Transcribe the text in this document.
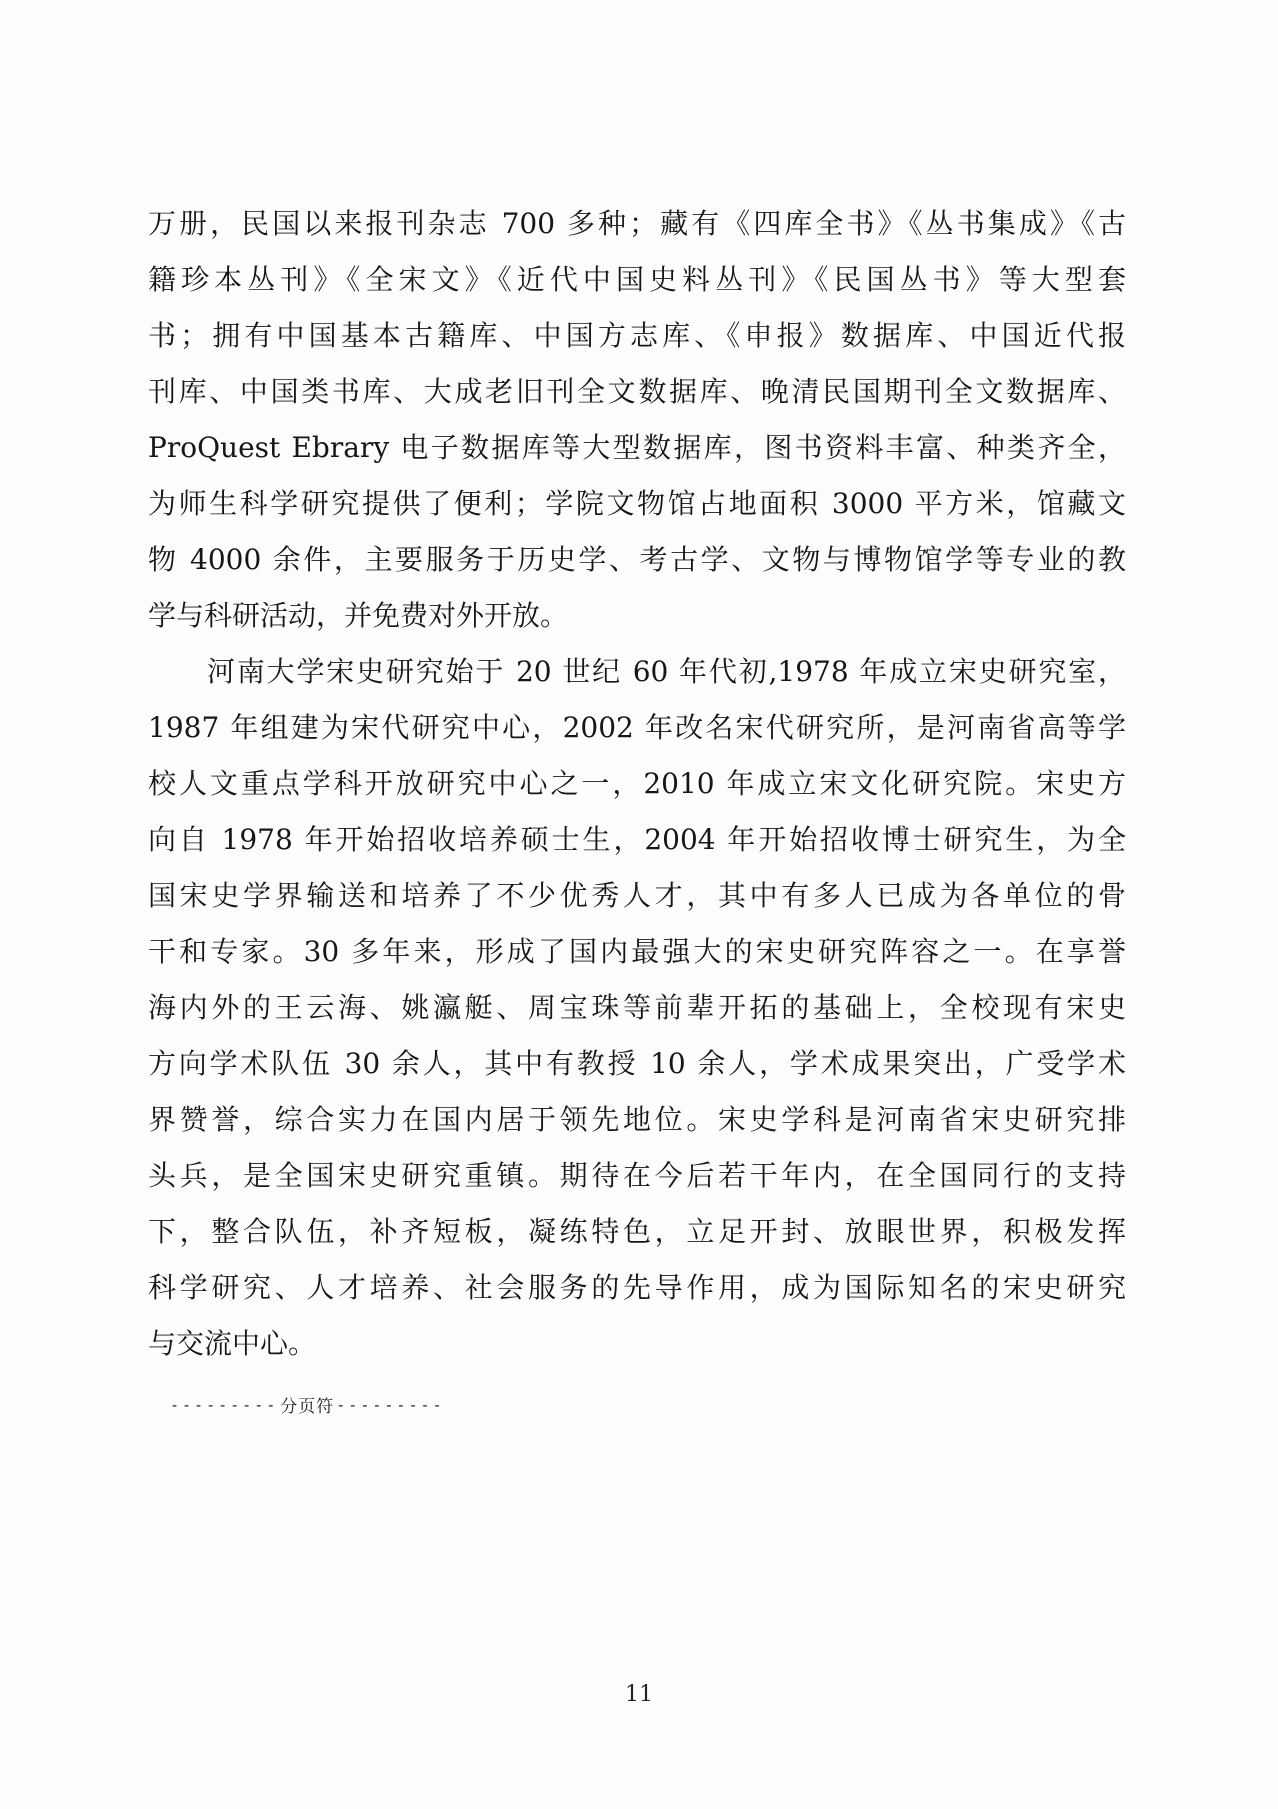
万册，民国以来报刊杂志 700 多种；藏有《四库全书》《丛书集成》《古
籍珍本丛刊》《全宋文》《近代中国史料丛刊》《民国丛书》等大型套
书；拥有中国基本古籍库、中国方志库、《申报》数据库、中国近代报
刊库、中国类书库、大成老旧刊全文数据库、晚清民国期刊全文数据库、
ProQuest Ebrary 电子数据库等大型数据库，图书资料丰富、种类齐全，
为师生科学研究提供了便利；学院文物馆占地面积 3000 平方米，馆藏文
物 4000 余件，主要服务于历史学、考古学、文物与博物馆学等专业的教
学与科研活动，并免费对外开放。
河南大学宋史研究始于 20 世纪 60 年代初,1978 年成立宋史研究室，
1987 年组建为宋代研究中心，2002 年改名宋代研究所，是河南省高等学
校人文重点学科开放研究中心之一，2010 年成立宋文化研究院。宋史方
向自 1978 年开始招收培养硕士生，2004 年开始招收博士研究生，为全
国宋史学界输送和培养了不少优秀人才，其中有多人已成为各单位的骨
干和专家。30 多年来，形成了国内最强大的宋史研究阵容之一。在享誉
海内外的王云海、姚瀛艇、周宝珠等前辈开拓的基础上，全校现有宋史
方向学术队伍 30 余人，其中有教授 10 余人，学术成果突出，广受学术
界赞誉，综合实力在国内居于领先地位。宋史学科是河南省宋史研究排
头兵，是全国宋史研究重镇。期待在今后若干年内，在全国同行的支持
下，整合队伍，补齐短板，凝练特色，立足开封、放眼世界，积极发挥
科学研究、人才培养、社会服务的先导作用，成为国际知名的宋史研究
与交流中心。
--------- 分页符 ---------
11
